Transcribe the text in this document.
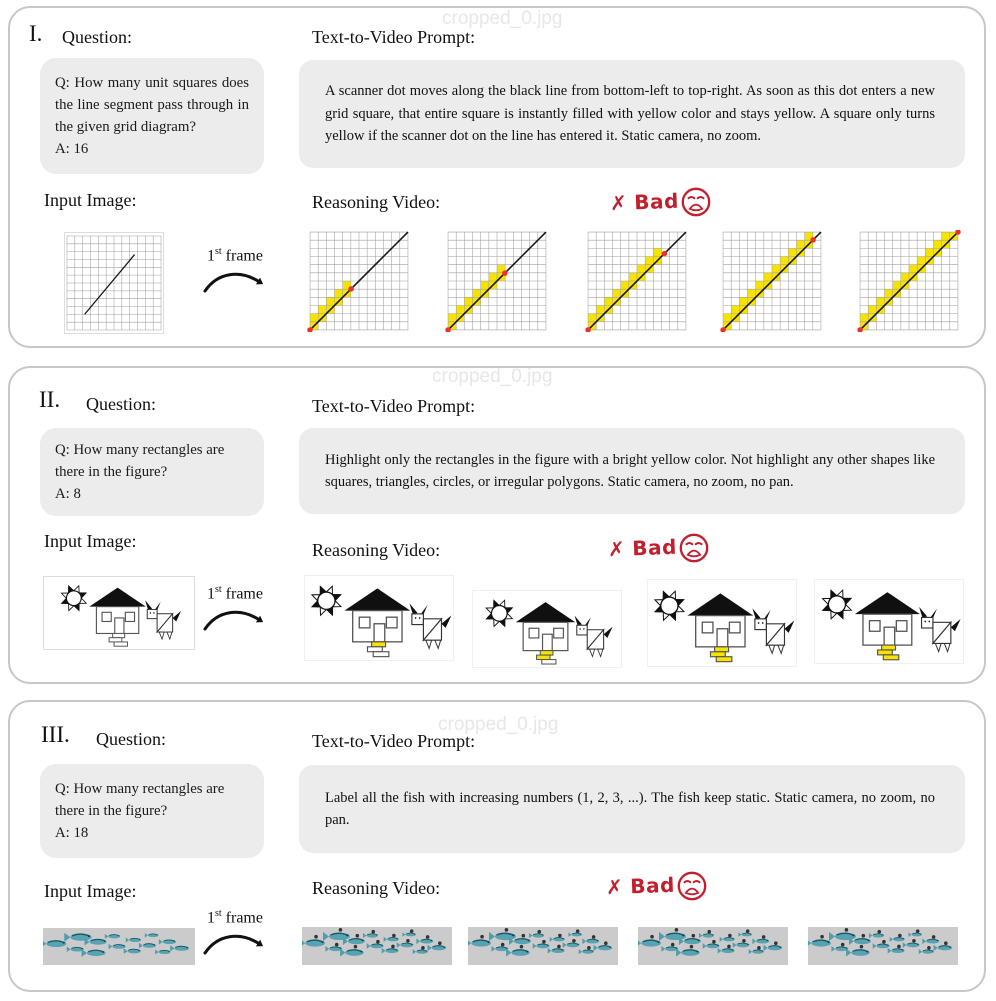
I. Question:
Q: How many unit squares does the line segment pass through in the given grid diagram?
A: 16
Text-to-Video Prompt:
A scanner dot moves along the black line from bottom-left to top-right. As soon as this dot enters a new grid square, that entire square is instantly filled with yellow color and stays yellow. A square only turns yellow if the scanner dot on the line has entered it. Static camera, no zoom.
Input Image:
1st frame
Reasoning Video:	✗ Bad
II. Question:
Q: How many rectangles are there in the figure?
A: 8
Text-to-Video Prompt:
Highlight only the rectangles in the figure with a bright yellow color. Not highlight any other shapes like squares, triangles, circles, or irregular polygons. Static camera, no zoom, no pan.
Input Image:
1st frame
Reasoning Video:	✗ Bad
III. Question:
Q: How many rectangles are there in the figure?
A: 18
Text-to-Video Prompt:
Label all the fish with increasing numbers (1, 2, 3, ...). The fish keep static. Static camera, no zoom, no pan.
Input Image:
1st frame
Reasoning Video:	✗ Bad
cropped_0.jpg
cropped_0.jpg
cropped_0.jpg
